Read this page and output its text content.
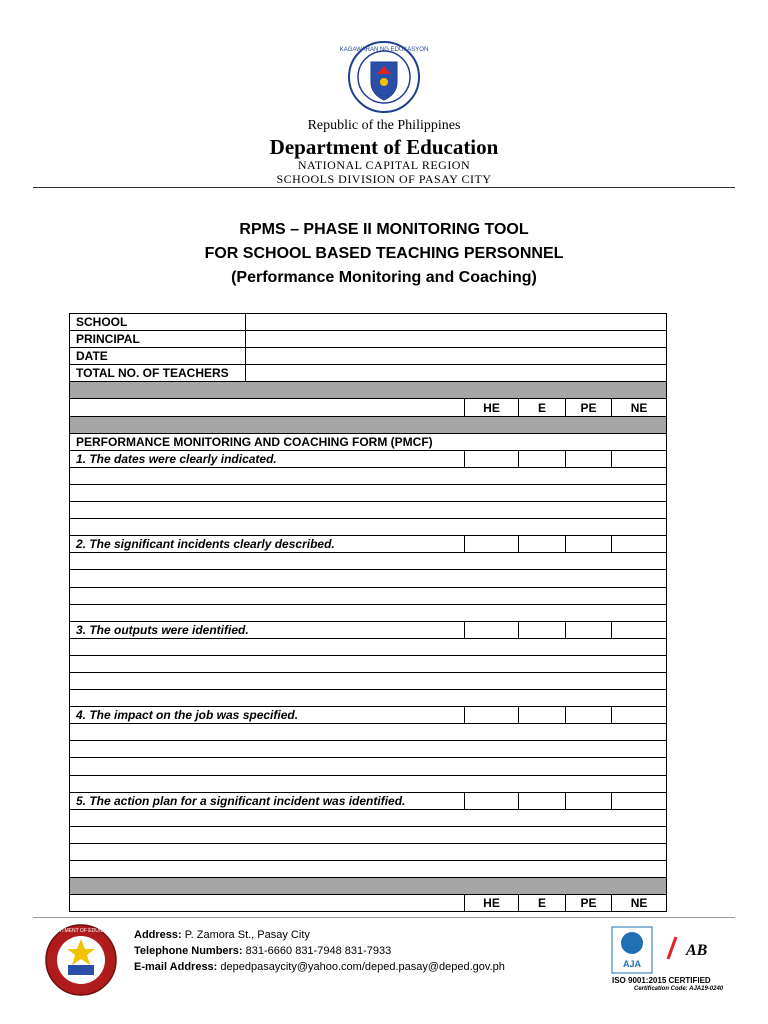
KAGAWARAN NG EDUKASYON
Republic of the Philippines
Department of Education
NATIONAL CAPITAL REGION
SCHOOLS DIVISION OF PASAY CITY
RPMS – PHASE II MONITORING TOOL
FOR SCHOOL BASED TEACHING PERSONNEL
(Performance Monitoring and Coaching)
SCHOOL					
PRINCIPAL					
DATE					
TOTAL NO. OF TEACHERS					

		HE	E	PE	NE

PERFORMANCE MONITORING AND COACHING FORM (PMCF)					
1. The dates were clearly indicated.					

2. The significant incidents clearly described.					

3. The outputs were identified.					

4. The impact on the job was specified.					

5. The action plan for a significant incident was identified.					

		HE	E	PE	NE
DEPARTMENT OF EDUCATION Address: P. Zamora St., Pasay City
Telephone Numbers: 831-6660 831-7948 831-7933
E-mail Address: depedpasaycity@yahoo.com/deped.pasay@deped.gov.ph	AJA
AB
ISO 9001:2015 CERTIFIED
Certification Code: AJA19-0240
